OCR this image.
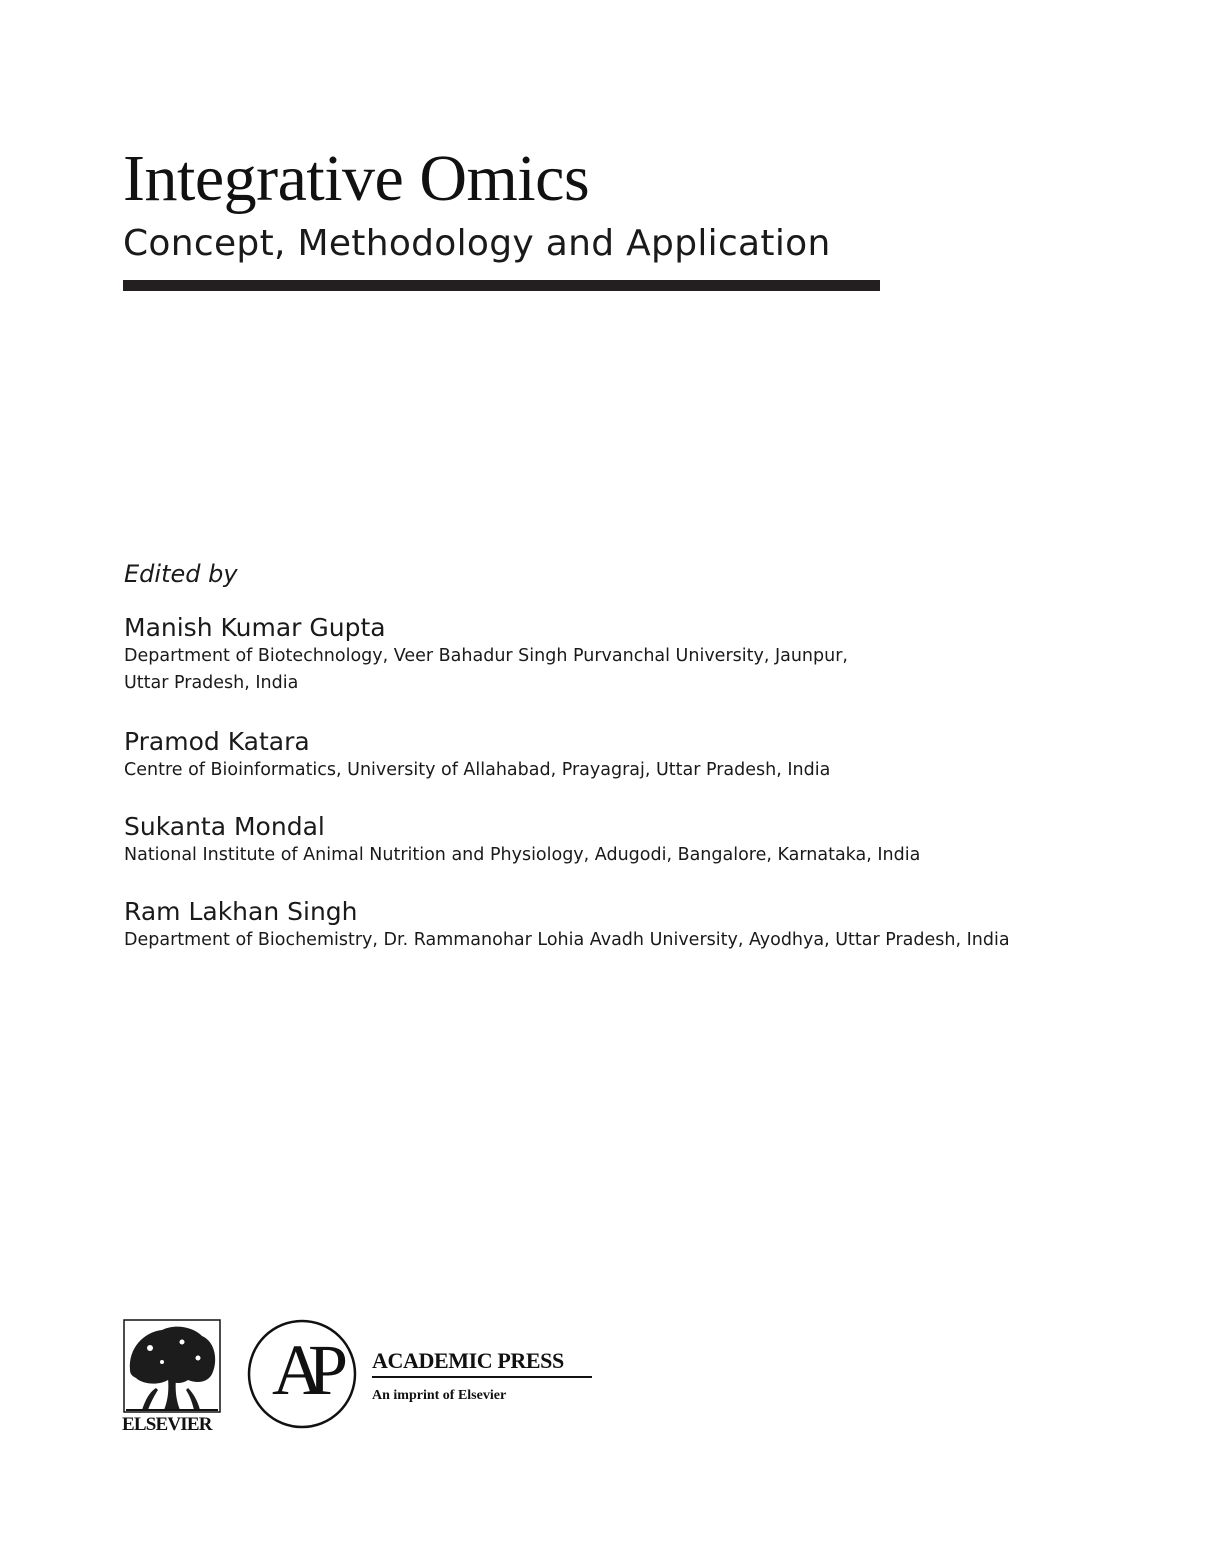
Integrative Omics
Concept, Methodology and Application
Edited by
Manish Kumar Gupta
Department of Biotechnology, Veer Bahadur Singh Purvanchal University, Jaunpur,
Uttar Pradesh, India
Pramod Katara
Centre of Bioinformatics, University of Allahabad, Prayagraj, Uttar Pradesh, India
Sukanta Mondal
National Institute of Animal Nutrition and Physiology, Adugodi, Bangalore, Karnataka, India
Ram Lakhan Singh
Department of Biochemistry, Dr. Rammanohar Lohia Avadh University, Ayodhya, Uttar Pradesh, India
ELSEVIER
AP	ACADEMIC PRESS
An imprint of Elsevier
